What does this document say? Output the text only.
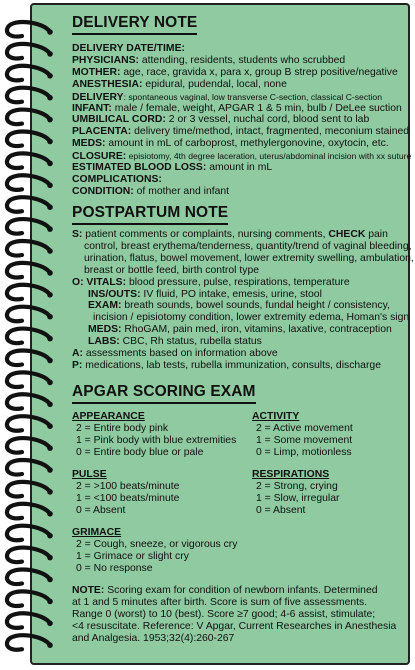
DELIVERY NOTE
DELIVERY DATE/TIME:
PHYSICIANS: attending, residents, students who scrubbed
MOTHER: age, race, gravida x, para x, group B strep positive/negative
ANESTHESIA: epidural, pudendal, local, none
DELIVERY: spontaneous vaginal, low transverse C-section, classical C-section
INFANT: male / female, weight, APGAR 1 & 5 min, bulb / DeLee suction
UMBILICAL CORD: 2 or 3 vessel, nuchal cord, blood sent to lab
PLACENTA: delivery time/method, intact, fragmented, meconium stained
MEDS: amount in mL of carboprost, methylergonovine, oxytocin, etc.
CLOSURE: episiotomy, 4th degree laceration, uterus/abdominal incision with xx suture
ESTIMATED BLOOD LOSS: amount in mL
COMPLICATIONS:
CONDITION: of mother and infant
POSTPARTUM NOTE
S: patient comments or complaints, nursing comments, CHECK pain
control, breast erythema/tenderness, quantity/trend of vaginal bleeding,
urination, flatus, bowel movement, lower extremity swelling, ambulation,
breast or bottle feed, birth control type
O: VITALS: blood pressure, pulse, respirations, temperature
INS/OUTS: IV fluid, PO intake, emesis, urine, stool
EXAM: breath sounds, bowel sounds, fundal height / consistency,
incision / episiotomy condition, lower extremity edema, Homan's sign
MEDS: RhoGAM, pain med, iron, vitamins, laxative, contraception
LABS: CBC, Rh status, rubella status
A: assessments based on information above
P: medications, lab tests, rubella immunization, consults, discharge
APGAR SCORING EXAM
APPEARANCE
2 = Entire body pink
1 = Pink body with blue extremities
0 = Entire body blue or pale
ACTIVITY
2 = Active movement
1 = Some movement
0 = Limp, motionless
PULSE
2 = >100 beats/minute
1 = <100 beats/minute
0 = Absent
RESPIRATIONS
2 = Strong, crying
1 = Slow, irregular
0 = Absent
GRIMACE
2 = Cough, sneeze, or vigorous cry
1 = Grimace or slight cry
0 = No response
NOTE: Scoring exam for condition of newborn infants. Determined
at 1 and 5 minutes after birth. Score is sum of five assessments.
Range 0 (worst) to 10 (best). Score ≥7 good; 4-6 assist, stimulate;
<4 resuscitate. Reference: V Apgar, Current Researches in Anesthesia
and Analgesia. 1953;32(4):260-267
